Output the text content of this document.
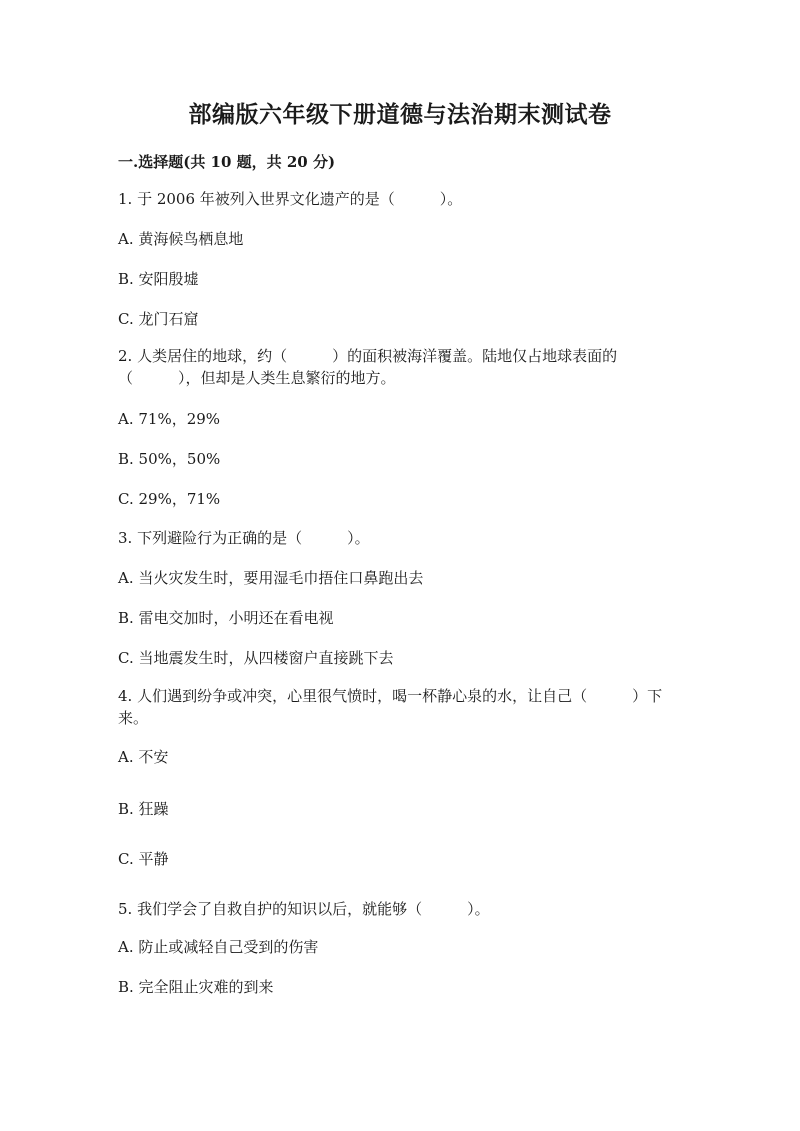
部编版六年级下册道德与法治期末测试卷
一.选择题(共 10 题，共 20 分)
1. 于 2006 年被列入世界文化遗产的是（　　　）。
A. 黄海候鸟栖息地
B. 安阳殷墟
C. 龙门石窟
2. 人类居住的地球，约（　　　）的面积被海洋覆盖。陆地仅占地球表面的（　　　），但却是人类生息繁衍的地方。
A. 71%，29%
B. 50%，50%
C. 29%，71%
3. 下列避险行为正确的是（　　　）。
A. 当火灾发生时，要用湿毛巾捂住口鼻跑出去
B. 雷电交加时，小明还在看电视
C. 当地震发生时，从四楼窗户直接跳下去
4. 人们遇到纷争或冲突，心里很气愤时，喝一杯静心泉的水，让自己（　　　）下来。
A. 不安
B. 狂躁
C. 平静
5. 我们学会了自救自护的知识以后，就能够（　　　）。
A. 防止或减轻自己受到的伤害
B. 完全阻止灾难的到来
